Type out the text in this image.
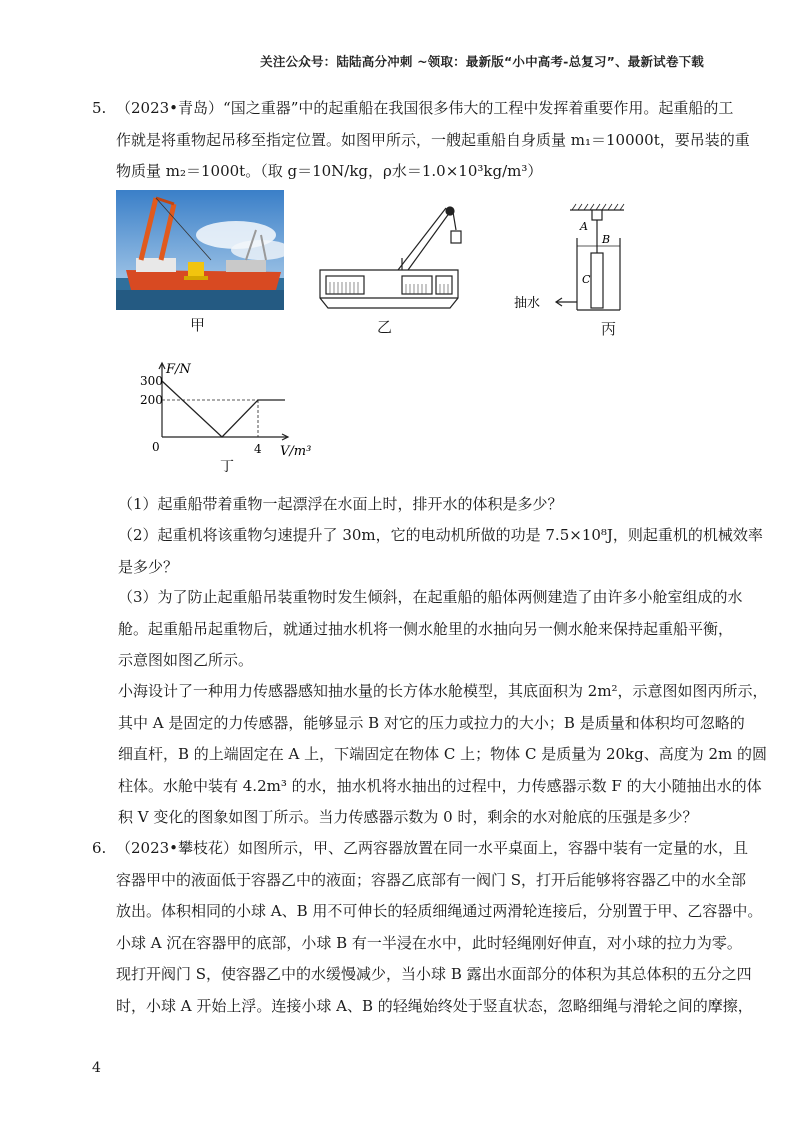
关注公众号：陆陆高分冲刺 ~领取：最新版“小中高考-总复习”、最新试卷下载
5. （2023•青岛）“国之重器”中的起重船在我国很多伟大的工程中发挥着重要作用。起重船的工
作就是将重物起吊移至指定位置。如图甲所示，一艘起重船自身质量 m₁＝10000t，要吊装的重
物质量 m₂＝1000t。（取 g＝10N/kg，ρ水＝1.0×10³kg/m³）
甲	乙
A
B
C
抽水
丙
F/N
300
200
0	4 V/m³
丁
（1）起重船带着重物一起漂浮在水面上时，排开水的体积是多少？
（2）起重机将该重物匀速提升了 30m，它的电动机所做的功是 7.5×10⁸J，则起重机的机械效率
是多少？
（3）为了防止起重船吊装重物时发生倾斜，在起重船的船体两侧建造了由许多小舱室组成的水
舱。起重船吊起重物后，就通过抽水机将一侧水舱里的水抽向另一侧水舱来保持起重船平衡，
示意图如图乙所示。
小海设计了一种用力传感器感知抽水量的长方体水舱模型，其底面积为 2m²，示意图如图丙所示，
其中 A 是固定的力传感器，能够显示 B 对它的压力或拉力的大小；B 是质量和体积均可忽略的
细直杆，B 的上端固定在 A 上，下端固定在物体 C 上；物体 C 是质量为 20kg、高度为 2m 的圆
柱体。水舱中装有 4.2m³ 的水，抽水机将水抽出的过程中，力传感器示数 F 的大小随抽出水的体
积 V 变化的图象如图丁所示。当力传感器示数为 0 时，剩余的水对舱底的压强是多少？
6. （2023•攀枝花）如图所示，甲、乙两容器放置在同一水平桌面上，容器中装有一定量的水，且
容器甲中的液面低于容器乙中的液面；容器乙底部有一阀门 S，打开后能够将容器乙中的水全部
放出。体积相同的小球 A、B 用不可伸长的轻质细绳通过两滑轮连接后，分别置于甲、乙容器中。
小球 A 沉在容器甲的底部，小球 B 有一半浸在水中，此时轻绳刚好伸直，对小球的拉力为零。
现打开阀门 S，使容器乙中的水缓慢减少，当小球 B 露出水面部分的体积为其总体积的五分之四
时，小球 A 开始上浮。连接小球 A、B 的轻绳始终处于竖直状态，忽略细绳与滑轮之间的摩擦，
4
